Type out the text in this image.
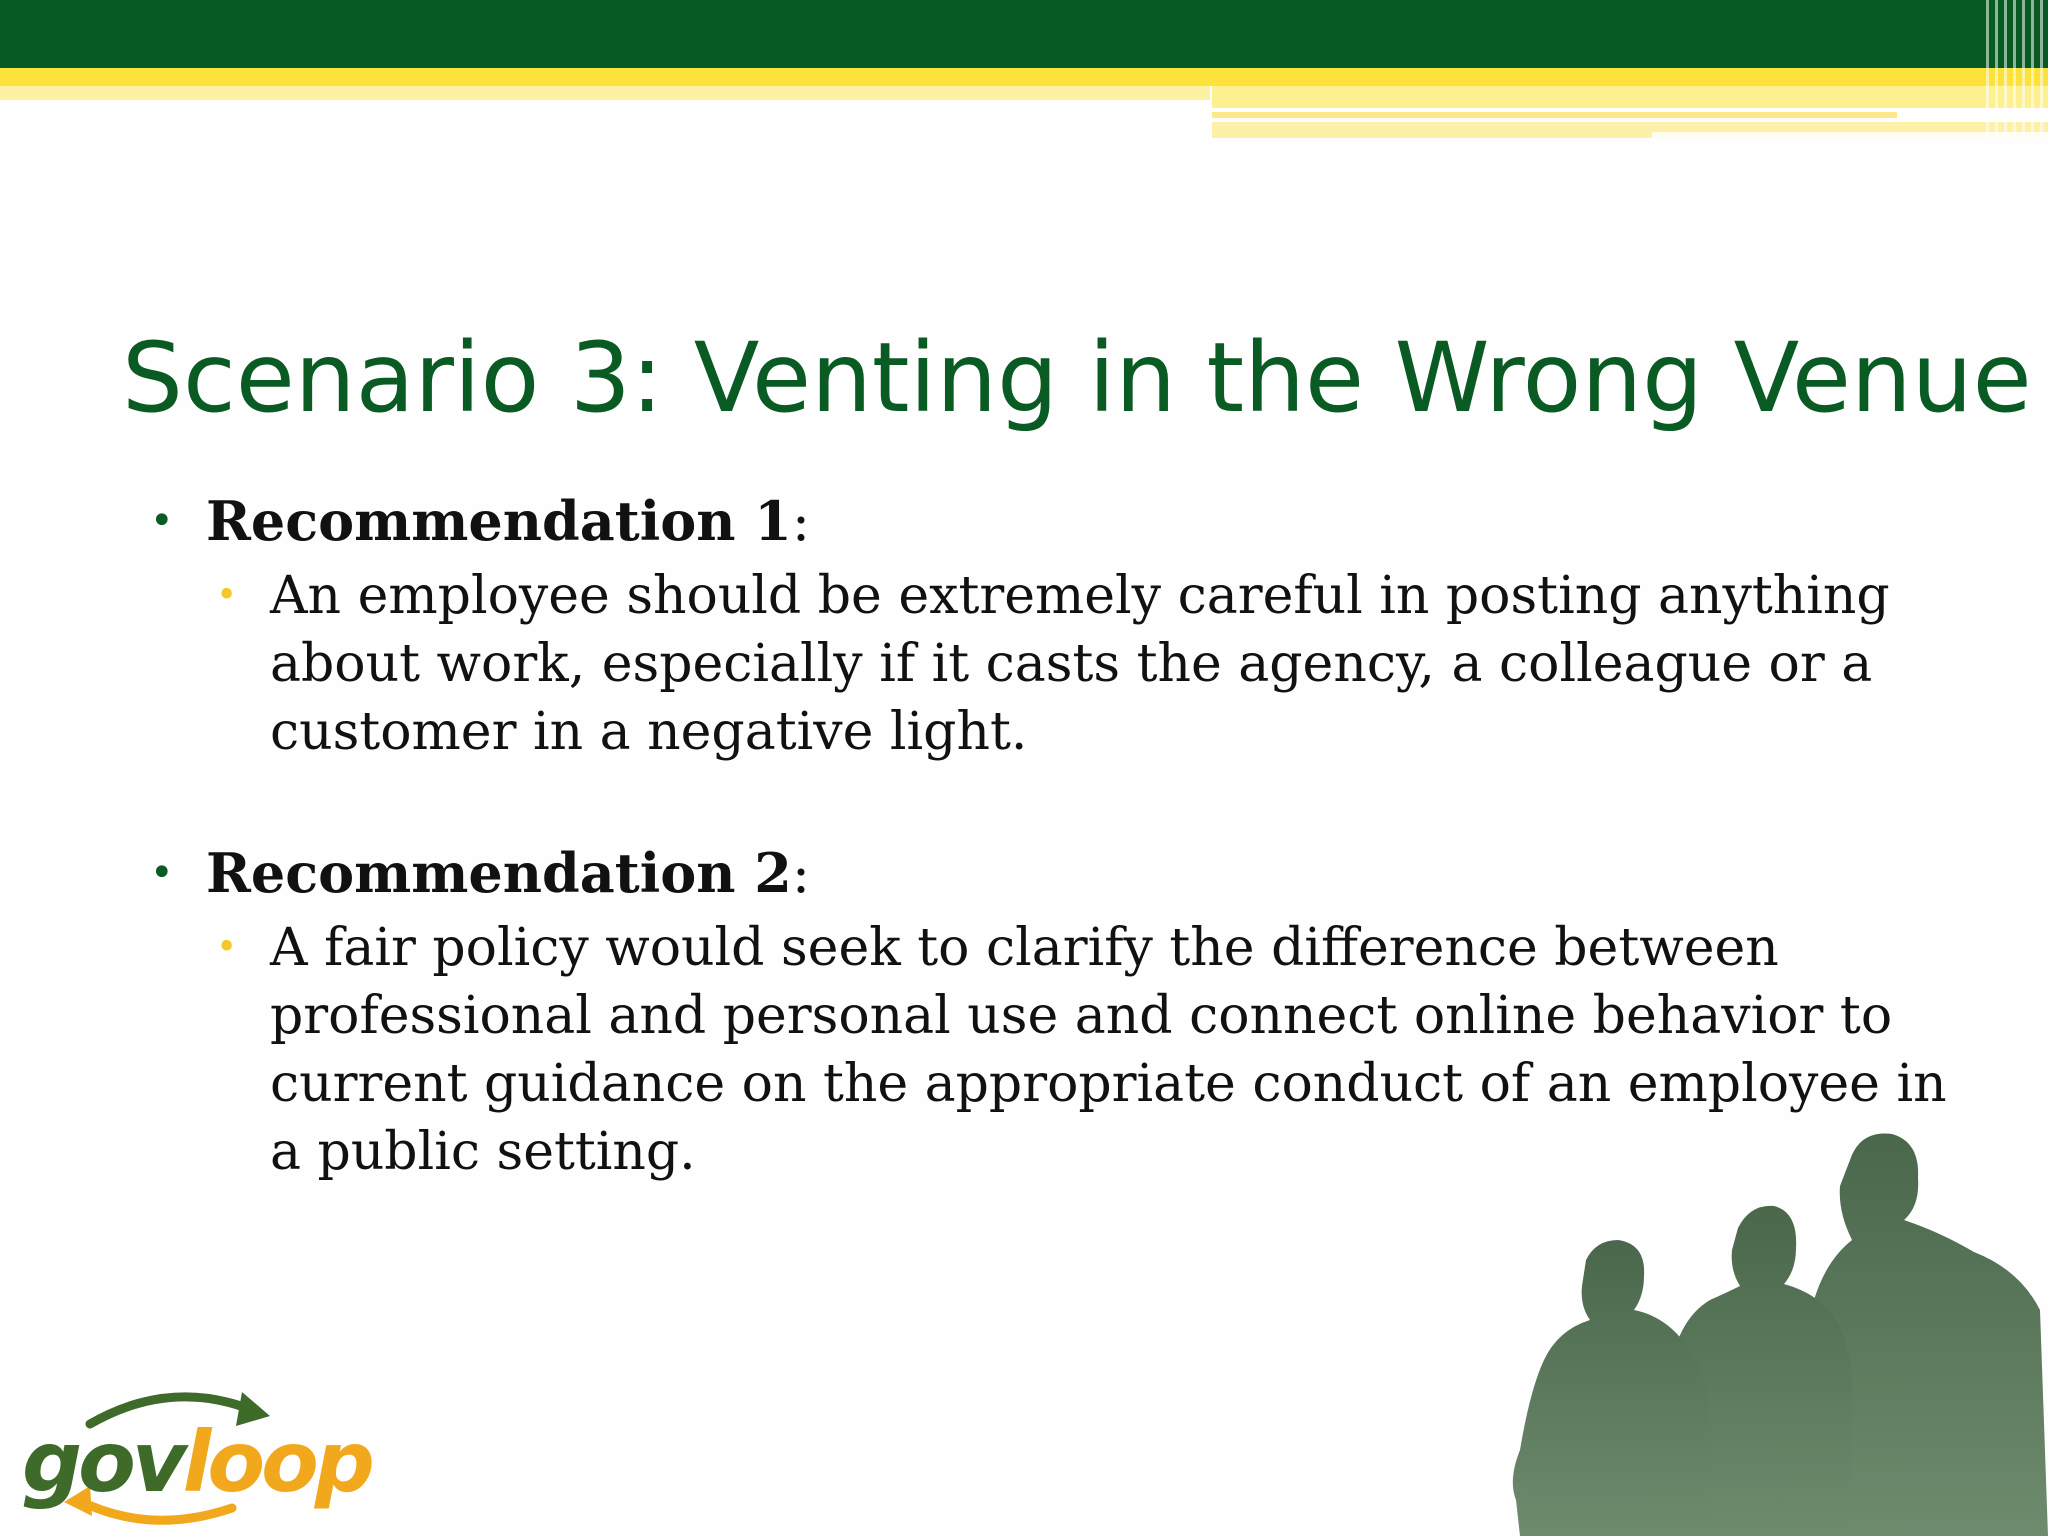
Scenario 3: Venting in the Wrong Venue
• Recommendation 1:
• An employee should be extremely careful in posting anything about work, especially if it casts the agency, a colleague or a customer in a negative light.
• Recommendation 2:
• A fair policy would seek to clarify the difference between professional and personal use and connect online behavior to current guidance on the appropriate conduct of an employee in a public setting.
govloop
